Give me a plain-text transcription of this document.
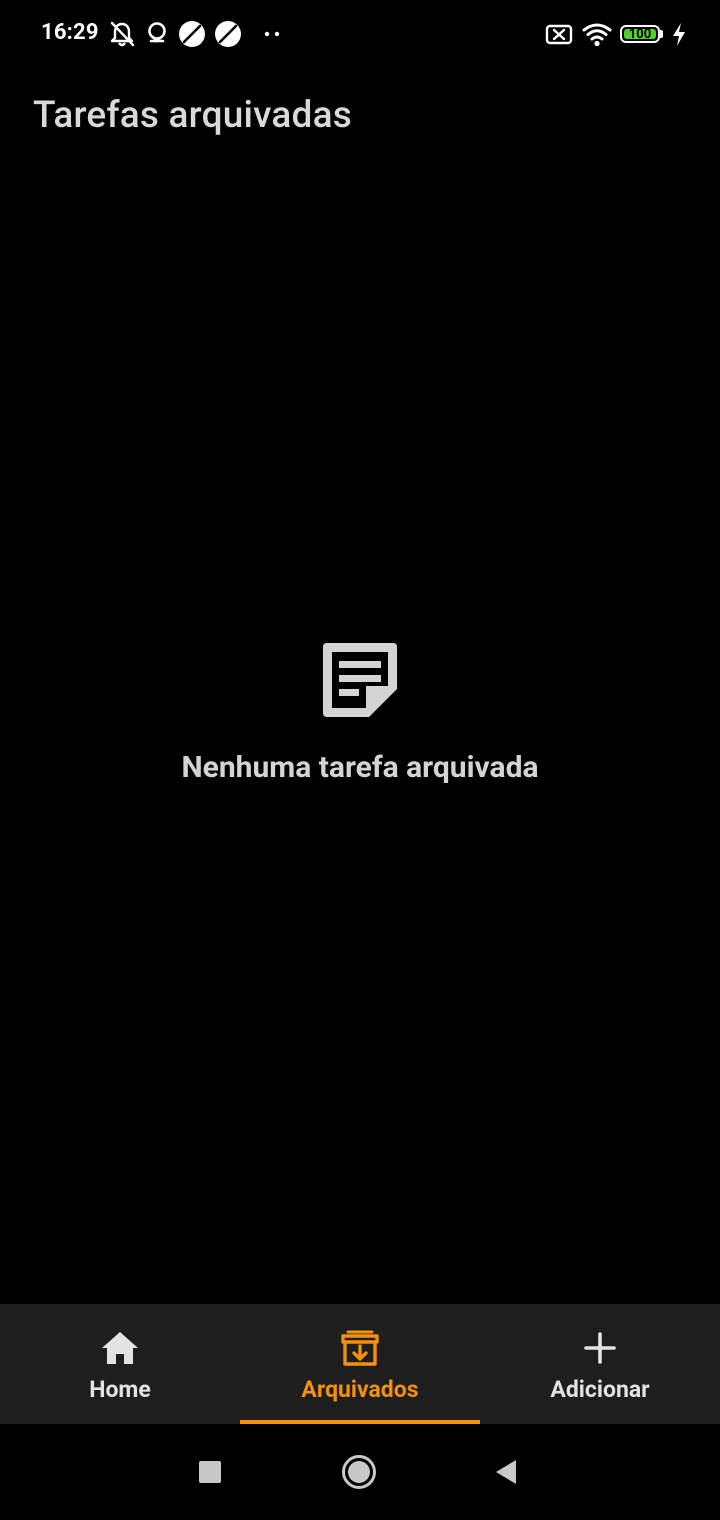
16:29	100
Tarefas arquivadas
Nenhuma tarefa arquivada
Home	Arquivados	Adicionar
